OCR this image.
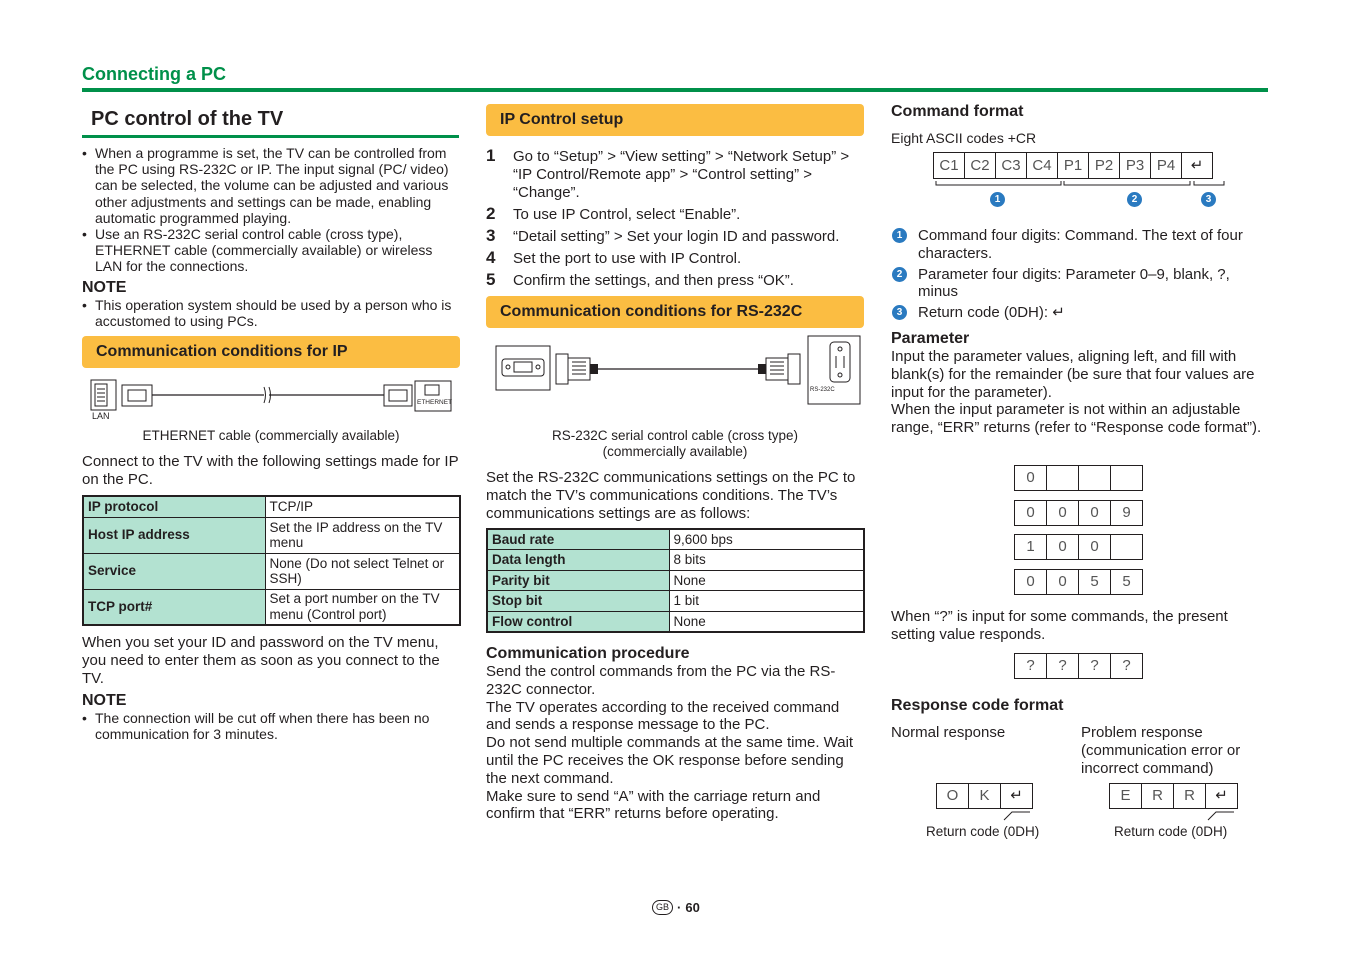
Connecting a PC
PC control of the TV
• When a programme is set, the TV can be controlled from the PC using RS-232C or IP. The input signal (PC/ video) can be selected, the volume can be adjusted and various other adjustments and settings can be made, enabling automatic programmed playing.
• Use an RS-232C serial control cable (cross type), ETHERNET cable (commercially available) or wireless LAN for the connections.
NOTE
• This operation system should be used by a person who is accustomed to using PCs.
Communication conditions for IP
LAN
ETHERNET
ETHERNET cable (commercially available)
Connect to the TV with the following settings made for IP on the PC.
IP protocol	TCP/IP
Host IP address	Set the IP address on the TV menu
Service	None (Do not select Telnet or SSH)
TCP port#	Set a port number on the TV menu (Control port)
When you set your ID and password on the TV menu, you need to enter them as soon as you connect to the TV.
NOTE
• The connection will be cut off when there has been no communication for 3 minutes.
IP Control setup
1 Go to “Setup” > “View setting” > “Network Setup” > “IP Control/Remote app” > “Control setting” > “Change”.
2 To use IP Control, select “Enable”.
3 “Detail setting” > Set your login ID and password.
4 Set the port to use with IP Control.
5 Confirm the settings, and then press “OK”.
Communication conditions for RS-232C
RS-232C
RS-232C serial control cable (cross type) (commercially available)
Set the RS-232C communications settings on the PC to match the TV’s communications conditions. The TV’s communications settings are as follows:
Baud rate	9,600 bps
Data length	8 bits
Parity bit	None
Stop bit	1 bit
Flow control	None
Communication procedure
Send the control commands from the PC via the RS-232C connector.
The TV operates according to the received command and sends a response message to the PC.
Do not send multiple commands at the same time. Wait until the PC receives the OK response before sending the next command.
Make sure to send “A” with the carriage return and confirm that “ERR” returns before operating.
Command format
Eight ASCII codes +CR
C1 C2 C3 C4 P1 P2 P3 P4	↵
1	2	3
1	Command four digits: Command. The text of four characters.
2	Parameter four digits: Parameter 0–9, blank, ?, minus
3	Return code (0DH): ↵
Parameter
Input the parameter values, aligning left, and fill with blank(s) for the remainder (be sure that four values are input for the parameter).
When the input parameter is not within an adjustable range, “ERR” returns (refer to “Response code format”).
0
0	0	0	9
1	0	0
0	0	5	5
When “?” is input for some commands, the present setting value responds.
?	?	?	?
Response code format
Normal response	Problem response (communication error or incorrect command)
O	K	↵
Return code (0DH)
E	R	R	↵
Return code (0DH)
GB · 60
